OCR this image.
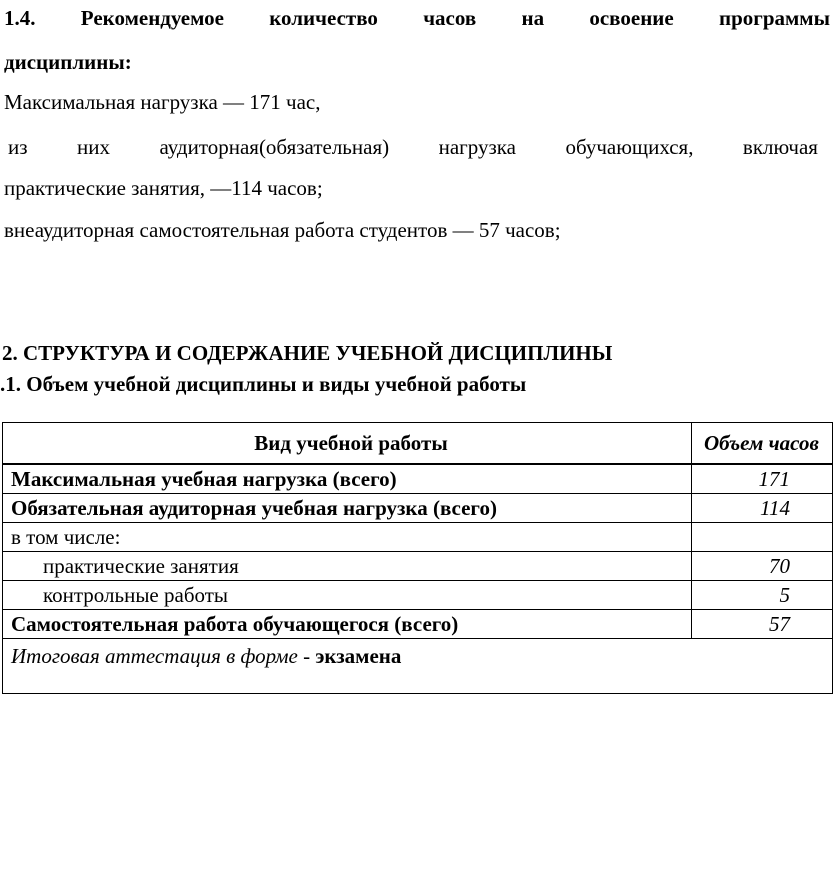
1.4. Рекомендуемое количество часов на освоение программы
дисциплины:
Максимальная нагрузка — 171 час,
из них аудиторная(обязательная) нагрузка обучающихся, включая
практические занятия, —114 часов;
внеаудиторная самостоятельная работа студентов — 57 часов;
2. СТРУКТУРА И СОДЕРЖАНИЕ УЧЕБНОЙ ДИСЦИПЛИНЫ
.1. Объем учебной дисциплины и виды учебной работы
Вид учебной работы	Объем часов
Максимальная учебная нагрузка (всего)	171
Обязательная аудиторная учебная нагрузка (всего)	114
в том числе:	
практические занятия	70
контрольные работы	5
Самостоятельная работа обучающегося (всего)	57
Итоговая аттестация в форме - экзамена	
